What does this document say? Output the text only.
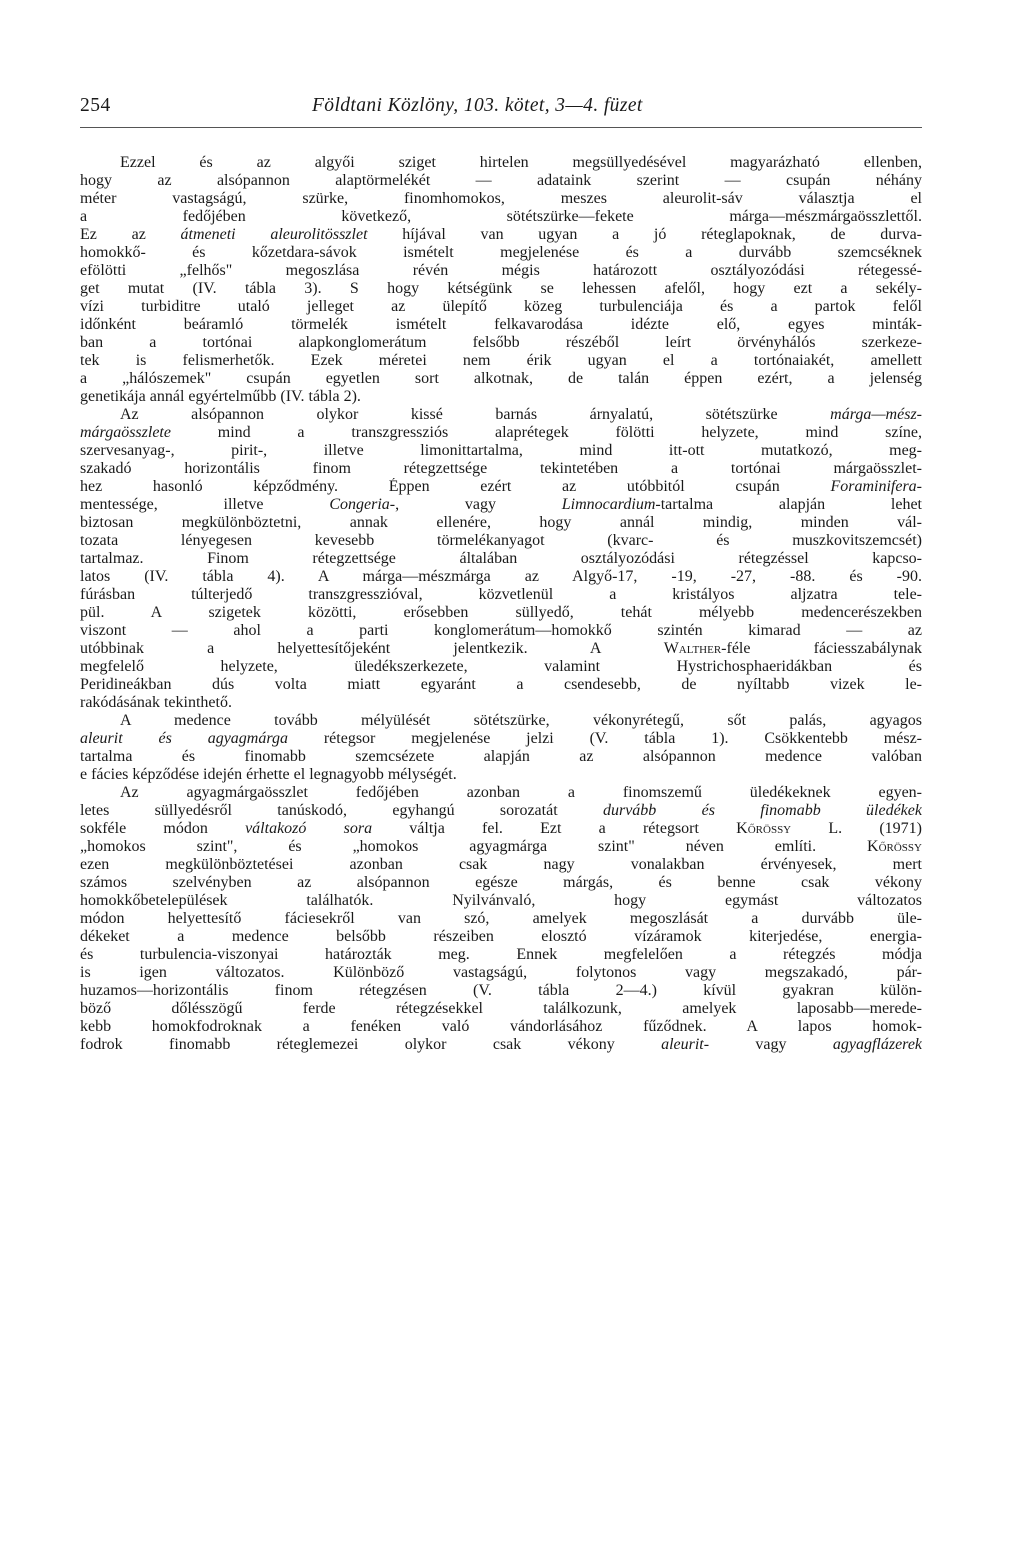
254	Földtani Közlöny, 103. kötet, 3—4. füzet
Ezzel és az algyői sziget hirtelen megsüllyedésével magyarázható ellenben,
hogy az alsópannon alaptörmelékét — adataink szerint — csupán néhány
méter vastagságú, szürke, finomhomokos, meszes aleurolit-sáv választja el
a fedőjében következő, sötétszürke—fekete márga—mészmárgaösszlettől.
Ez az átmeneti aleurolitösszlet híjával van ugyan a jó réteglapoknak, de durva-
homokkő- és kőzetdara-sávok ismételt megjelenése és a durvább szemcséknek
efölötti „felhős" megoszlása révén mégis határozott osztályozódási rétegessé-
get mutat (IV. tábla 3). S hogy kétségünk se lehessen afelől, hogy ezt a sekély-
vízi turbiditre utaló jelleget az ülepítő közeg turbulenciája és a partok felől
időnként beáramló törmelék ismételt felkavarodása idézte elő, egyes minták-
ban a tortónai alapkonglomerátum felsőbb részéből leírt örvényhálós szerkeze-
tek is felismerhetők. Ezek méretei nem érik ugyan el a tortónaiakét, amellett
a „hálószemek" csupán egyetlen sort alkotnak, de talán éppen ezért, a jelenség
genetikája annál egyértelműbb (IV. tábla 2).
Az alsópannon olykor kissé barnás árnyalatú, sötétszürke márga—mész-
márgaösszlete mind a transzgressziós alaprétegek fölötti helyzete, mind színe,
szervesanyag-, pirit-, illetve limonittartalma, mind itt-ott mutatkozó, meg-
szakadó horizontális finom rétegzettsége tekintetében a tortónai márgaösszlet-
hez hasonló képződmény. Éppen ezért az utóbbitól csupán Foraminifera-
mentessége, illetve Congeria-, vagy Limnocardium-tartalma alapján lehet
biztosan megkülönböztetni, annak ellenére, hogy annál mindig, minden vál-
tozata lényegesen kevesebb törmelékanyagot (kvarc- és muszkovitszemcsét)
tartalmaz. Finom rétegzettsége általában osztályozódási rétegzéssel kapcso-
latos (IV. tábla 4). A márga—mészmárga az Algyő-17, -19, -27, -88. és -90.
fúrásban túlterjedő transzgresszióval, közvetlenül a kristályos aljzatra tele-
pül. A szigetek közötti, erősebben süllyedő, tehát mélyebb medencerészekben
viszont — ahol a parti konglomerátum—homokkő szintén kimarad — az
utóbbinak a helyettesítőjeként jelentkezik. A Walther-féle fáciesszabálynak
megfelelő helyzete, üledékszerkezete, valamint Hystrichosphaeridákban és
Peridineákban dús volta miatt egyaránt a csendesebb, de nyíltabb vizek le-
rakódásának tekinthető.
A medence tovább mélyülését sötétszürke, vékonyrétegű, sőt palás, agyagos
aleurit és agyagmárga rétegsor megjelenése jelzi (V. tábla 1). Csökkentebb mész-
tartalma és finomabb szemcsézete alapján az alsópannon medence valóban
e fácies képződése idején érhette el legnagyobb mélységét.
Az agyagmárgaösszlet fedőjében azonban a finomszemű üledékeknek egyen-
letes süllyedésről tanúskodó, egyhangú sorozatát durvább és finomabb üledékek
sokféle módon váltakozó sora váltja fel. Ezt a rétegsort Kőrössy L. (1971)
„homokos szint", és „homokos agyagmárga szint" néven említi. Kőrössy
ezen megkülönböztetései azonban csak nagy vonalakban érvényesek, mert
számos szelvényben az alsópannon egésze márgás, és benne csak vékony
homokkőbetelepülések találhatók. Nyilvánvaló, hogy egymást változatos
módon helyettesítő fáciesekről van szó, amelyek megoszlását a durvább üle-
dékeket a medence belsőbb részeiben elosztó vízáramok kiterjedése, energia-
és turbulencia-viszonyai határozták meg. Ennek megfelelően a rétegzés módja
is igen változatos. Különböző vastagságú, folytonos vagy megszakadó, pár-
huzamos—horizontális finom rétegzésen (V. tábla 2—4.) kívül gyakran külön-
böző dőlésszögű ferde rétegzésekkel találkozunk, amelyek laposabb—merede-
kebb homokfodroknak a fenéken való vándorlásához fűződnek. A lapos homok-
fodrok finomabb réteglemezei olykor csak vékony aleurit- vagy agyagflázerek
